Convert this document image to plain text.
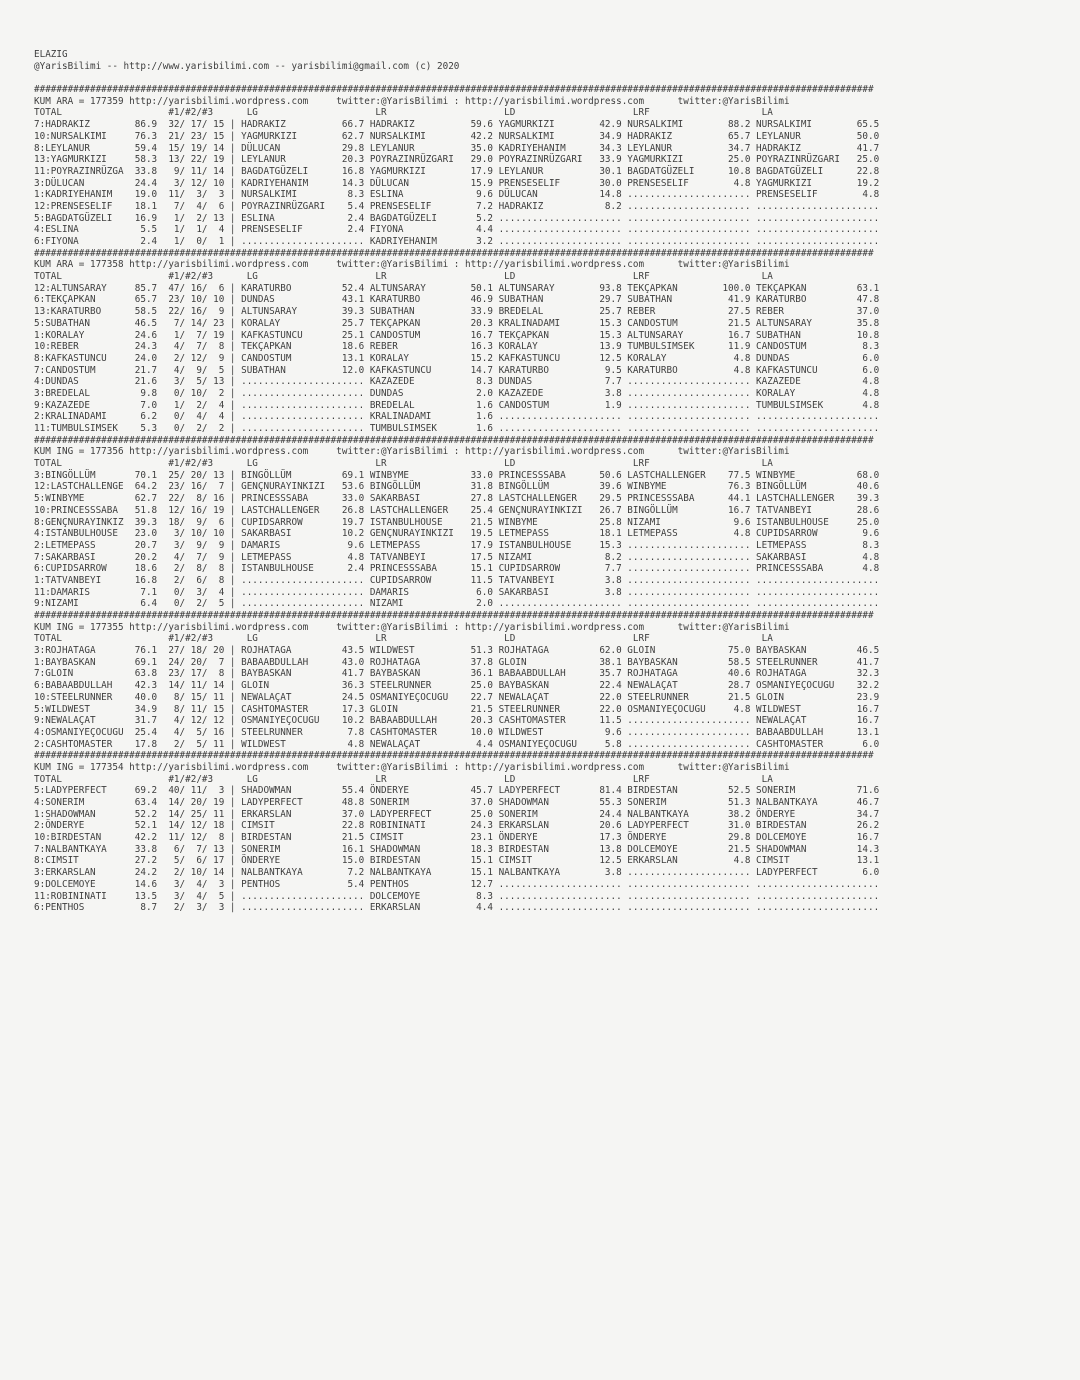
ELAZIG
@YarisBilimi -- http://www.yarisbilimi.com -- yarisbilimi@gmail.com (c) 2020
######################################################################################################################################################
KUM ARA = 177359 http://yarisbilimi.wordpress.com     twitter:@YarisBilimi : http://yarisbilimi.wordpress.com      twitter:@YarisBilimi
TOTAL                   #1/#2/#3      LG                     LR                     LD                     LRF                    LA
7:HADRAKIZ        86.9  32/ 17/ 15 | HADRAKIZ          66.7 HADRAKIZ          59.6 YAGMURKIZI        42.9 NURSALKIMI        88.2 NURSALKIMI        65.5
10:NURSALKIMI     76.3  21/ 23/ 15 | YAGMURKIZI        62.7 NURSALKIMI        42.2 NURSALKIMI        34.9 HADRAKIZ          65.7 LEYLANUR          50.0
8:LEYLANUR        59.4  15/ 19/ 14 | DÜLUCAN           29.8 LEYLANUR          35.0 KADRIYEHANIM      34.3 LEYLANUR          34.7 HADRAKIZ          41.7
13:YAGMURKIZI     58.3  13/ 22/ 19 | LEYLANUR          20.3 POYRAZINRÜZGARI   29.0 POYRAZINRÜZGARI   33.9 YAGMURKIZI        25.0 POYRAZINRÜZGARI   25.0
11:POYRAZINRÜZGA  33.8   9/ 11/ 14 | BAGDATGÜZELI      16.8 YAGMURKIZI        17.9 LEYLANUR          30.1 BAGDATGÜZELI      10.8 BAGDATGÜZELI      22.8
3:DÜLUCAN         24.4   3/ 12/ 10 | KADRIYEHANIM      14.3 DÜLUCAN           15.9 PRENSESELIF       30.0 PRENSESELIF        4.8 YAGMURKIZI        19.2
1:KADRIYEHANIM    19.0  11/  3/  3 | NURSALKIMI         8.3 ESLINA             9.6 DÜLUCAN           14.8 ...................... PRENSESELIF        4.8
12:PRENSESELIF    18.1   7/  4/  6 | POYRAZINRÜZGARI    5.4 PRENSESELIF        7.2 HADRAKIZ           8.2 ...................... ......................
5:BAGDATGÜZELI    16.9   1/  2/ 13 | ESLINA             2.4 BAGDATGÜZELI       5.2 ...................... ...................... ......................
4:ESLINA           5.5   1/  1/  4 | PRENSESELIF        2.4 FIYONA             4.4 ...................... ...................... ......................
6:FIYONA           2.4   1/  0/  1 | ...................... KADRIYEHANIM       3.2 ...................... ...................... ......................
######################################################################################################################################################
KUM ARA = 177358 http://yarisbilimi.wordpress.com     twitter:@YarisBilimi : http://yarisbilimi.wordpress.com      twitter:@YarisBilimi
TOTAL                   #1/#2/#3      LG                     LR                     LD                     LRF                    LA
12:ALTUNSARAY     85.7  47/ 16/  6 | KARATURBO         52.4 ALTUNSARAY        50.1 ALTUNSARAY        93.8 TEKÇAPKAN        100.0 TEKÇAPKAN         63.1
6:TEKÇAPKAN       65.7  23/ 10/ 10 | DUNDAS            43.1 KARATURBO         46.9 SUBATHAN          29.7 SUBATHAN          41.9 KARATURBO         47.8
13:KARATURBO      58.5  22/ 16/  9 | ALTUNSARAY        39.3 SUBATHAN          33.9 BREDELAL          25.7 REBER             27.5 REBER             37.0
5:SUBATHAN        46.5   7/ 14/ 23 | KORALAY           25.7 TEKÇAPKAN         20.3 KRALINADAMI       15.3 CANDOSTUM         21.5 ALTUNSARAY        35.8
1:KORALAY         24.6   1/  7/ 19 | KAFKASTUNCU       25.1 CANDOSTUM         16.7 TEKÇAPKAN         15.3 ALTUNSARAY        16.7 SUBATHAN          10.8
10:REBER          24.3   4/  7/  8 | TEKÇAPKAN         18.6 REBER             16.3 KORALAY           13.9 TUMBULSIMSEK      11.9 CANDOSTUM          8.3
8:KAFKASTUNCU     24.0   2/ 12/  9 | CANDOSTUM         13.1 KORALAY           15.2 KAFKASTUNCU       12.5 KORALAY            4.8 DUNDAS             6.0
7:CANDOSTUM       21.7   4/  9/  5 | SUBATHAN          12.0 KAFKASTUNCU       14.7 KARATURBO          9.5 KARATURBO          4.8 KAFKASTUNCU        6.0
4:DUNDAS          21.6   3/  5/ 13 | ...................... KAZAZEDE           8.3 DUNDAS             7.7 ...................... KAZAZEDE           4.8
3:BREDELAL         9.8   0/ 10/  2 | ...................... DUNDAS             2.0 KAZAZEDE           3.8 ...................... KORALAY            4.8
9:KAZAZEDE         7.0   1/  2/  4 | ...................... BREDELAL           1.6 CANDOSTUM          1.9 ...................... TUMBULSIMSEK       4.8
2:KRALINADAMI      6.2   0/  4/  4 | ...................... KRALINADAMI        1.6 ...................... ...................... ......................
11:TUMBULSIMSEK    5.3   0/  2/  2 | ...................... TUMBULSIMSEK       1.6 ...................... ...................... ......................
######################################################################################################################################################
KUM ING = 177356 http://yarisbilimi.wordpress.com     twitter:@YarisBilimi : http://yarisbilimi.wordpress.com      twitter:@YarisBilimi
TOTAL                   #1/#2/#3      LG                     LR                     LD                     LRF                    LA
3:BINGÖLLÜM       70.1  25/ 20/ 13 | BINGÖLLÜM         69.1 WINBYME           33.0 PRINCESSSABA      50.6 LASTCHALLENGER    77.5 WINBYME           68.0
12:LASTCHALLENGE  64.2  23/ 16/  7 | GENÇNURAYINKIZI   53.6 BINGÖLLÜM         31.8 BINGÖLLÜM         39.6 WINBYME           76.3 BINGÖLLÜM         40.6
5:WINBYME         62.7  22/  8/ 16 | PRINCESSSABA      33.0 SAKARBASI         27.8 LASTCHALLENGER    29.5 PRINCESSSABA      44.1 LASTCHALLENGER    39.3
10:PRINCESSSABA   51.8  12/ 16/ 19 | LASTCHALLENGER    26.8 LASTCHALLENGER    25.4 GENÇNURAYINKIZI   26.7 BINGÖLLÜM         16.7 TATVANBEYI        28.6
8:GENÇNURAYINKIZ  39.3  18/  9/  6 | CUPIDSARROW       19.7 ISTANBULHOUSE     21.5 WINBYME           25.8 NIZAMI             9.6 ISTANBULHOUSE     25.0
4:ISTANBULHOUSE   23.0   3/ 10/ 10 | SAKARBASI         10.2 GENÇNURAYINKIZI   19.5 LETMEPASS         18.1 LETMEPASS          4.8 CUPIDSARROW        9.6
2:LETMEPASS       20.7   3/  9/  9 | DAMARIS            9.6 LETMEPASS         17.9 ISTANBULHOUSE     15.3 ...................... LETMEPASS          8.3
7:SAKARBASI       20.2   4/  7/  9 | LETMEPASS          4.8 TATVANBEYI        17.5 NIZAMI             8.2 ...................... SAKARBASI          4.8
6:CUPIDSARROW     18.6   2/  8/  8 | ISTANBULHOUSE      2.4 PRINCESSSABA      15.1 CUPIDSARROW        7.7 ...................... PRINCESSSABA       4.8
1:TATVANBEYI      16.8   2/  6/  8 | ...................... CUPIDSARROW       11.5 TATVANBEYI         3.8 ...................... ......................
11:DAMARIS         7.1   0/  3/  4 | ...................... DAMARIS            6.0 SAKARBASI          3.8 ...................... ......................
9:NIZAMI           6.4   0/  2/  5 | ...................... NIZAMI             2.0 ...................... ...................... ......................
######################################################################################################################################################
KUM ING = 177355 http://yarisbilimi.wordpress.com     twitter:@YarisBilimi : http://yarisbilimi.wordpress.com      twitter:@YarisBilimi
TOTAL                   #1/#2/#3      LG                     LR                     LD                     LRF                    LA
3:ROJHATAGA       76.1  27/ 18/ 20 | ROJHATAGA         43.5 WILDWEST          51.3 ROJHATAGA         62.0 GLOIN             75.0 BAYBASKAN         46.5
1:BAYBASKAN       69.1  24/ 20/  7 | BABAABDULLAH      43.0 ROJHATAGA         37.8 GLOIN             38.1 BAYBASKAN         58.5 STEELRUNNER       41.7
7:GLOIN           63.8  23/ 17/  8 | BAYBASKAN         41.7 BAYBASKAN         36.1 BABAABDULLAH      35.7 ROJHATAGA         40.6 ROJHATAGA         32.3
6:BABAABDULLAH    42.3  14/ 11/ 14 | GLOIN             36.3 STEELRUNNER       25.0 BAYBASKAN         22.4 NEWALAÇAT         28.7 OSMANIYEÇOCUGU    32.2
10:STEELRUNNER    40.0   8/ 15/ 11 | NEWALAÇAT         24.5 OSMANIYEÇOCUGU    22.7 NEWALAÇAT         22.0 STEELRUNNER       21.5 GLOIN             23.9
5:WILDWEST        34.9   8/ 11/ 15 | CASHTOMASTER      17.3 GLOIN             21.5 STEELRUNNER       22.0 OSMANIYEÇOCUGU     4.8 WILDWEST          16.7
9:NEWALAÇAT       31.7   4/ 12/ 12 | OSMANIYEÇOCUGU    10.2 BABAABDULLAH      20.3 CASHTOMASTER      11.5 ...................... NEWALAÇAT         16.7
4:OSMANIYEÇOCUGU  25.4   4/  5/ 16 | STEELRUNNER        7.8 CASHTOMASTER      10.0 WILDWEST           9.6 ...................... BABAABDULLAH      13.1
2:CASHTOMASTER    17.8   2/  5/ 11 | WILDWEST           4.8 NEWALAÇAT          4.4 OSMANIYEÇOCUGU     5.8 ...................... CASHTOMASTER       6.0
######################################################################################################################################################
KUM ING = 177354 http://yarisbilimi.wordpress.com     twitter:@YarisBilimi : http://yarisbilimi.wordpress.com      twitter:@YarisBilimi
TOTAL                   #1/#2/#3      LG                     LR                     LD                     LRF                    LA
5:LADYPERFECT     69.2  40/ 11/  3 | SHADOWMAN         55.4 ÖNDERYE           45.7 LADYPERFECT       81.4 BIRDESTAN         52.5 SONERIM           71.6
4:SONERIM         63.4  14/ 20/ 19 | LADYPERFECT       48.8 SONERIM           37.0 SHADOWMAN         55.3 SONERIM           51.3 NALBANTKAYA       46.7
1:SHADOWMAN       52.2  14/ 25/ 11 | ERKARSLAN         37.0 LADYPERFECT       25.0 SONERIM           24.4 NALBANTKAYA       38.2 ÖNDERYE           34.7
2:ÖNDERYE         52.1  14/ 12/ 18 | CIMSIT            22.8 ROBININATI        24.3 ERKARSLAN         20.6 LADYPERFECT       31.0 BIRDESTAN         26.2
10:BIRDESTAN      42.2  11/ 12/  8 | BIRDESTAN         21.5 CIMSIT            23.1 ÖNDERYE           17.3 ÖNDERYE           29.8 DOLCEMOYE         16.7
7:NALBANTKAYA     33.8   6/  7/ 13 | SONERIM           16.1 SHADOWMAN         18.3 BIRDESTAN         13.8 DOLCEMOYE         21.5 SHADOWMAN         14.3
8:CIMSIT          27.2   5/  6/ 17 | ÖNDERYE           15.0 BIRDESTAN         15.1 CIMSIT            12.5 ERKARSLAN          4.8 CIMSIT            13.1
3:ERKARSLAN       24.2   2/ 10/ 14 | NALBANTKAYA        7.2 NALBANTKAYA       15.1 NALBANTKAYA        3.8 ...................... LADYPERFECT        6.0
9:DOLCEMOYE       14.6   3/  4/  3 | PENTHOS            5.4 PENTHOS           12.7 ...................... ...................... ......................
11:ROBININATI     13.5   3/  4/  5 | ...................... DOLCEMOYE          8.3 ...................... ...................... ......................
6:PENTHOS          8.7   2/  3/  3 | ...................... ERKARSLAN          4.4 ...................... ...................... ......................
